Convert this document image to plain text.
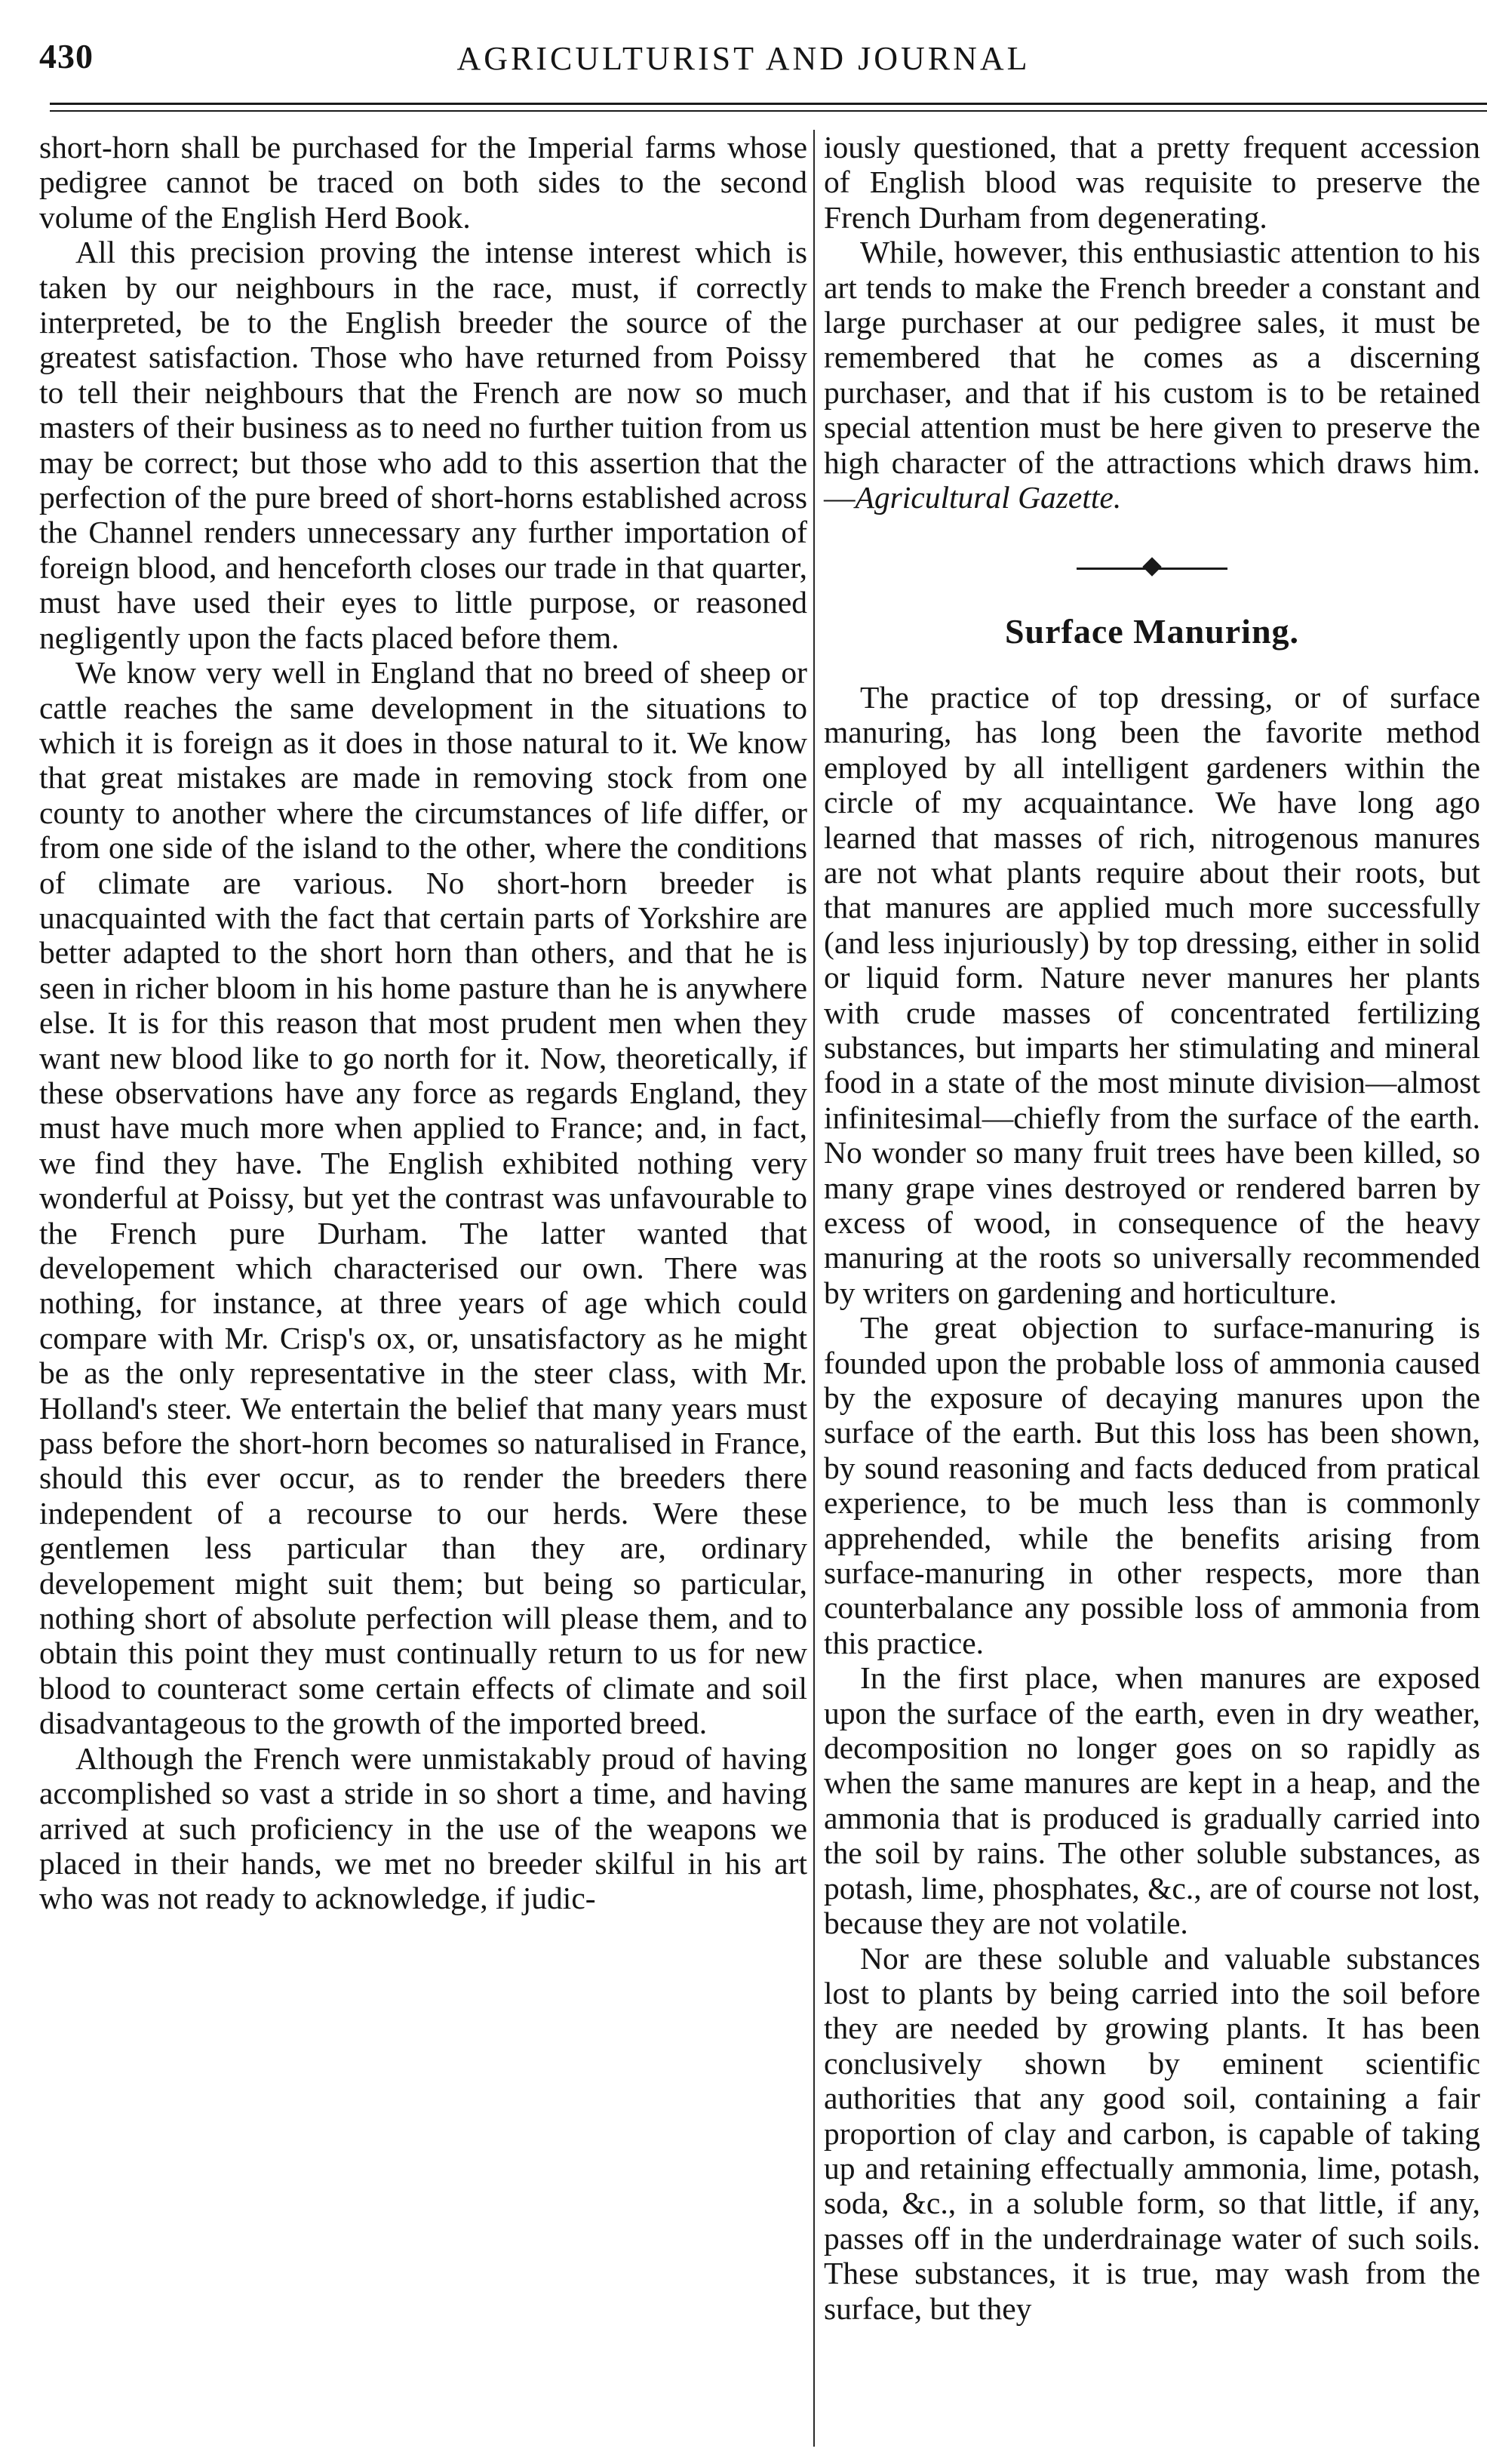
430	AGRICULTURIST AND JOURNAL

short-horn shall be purchased for the Imperial farms whose pedigree cannot be traced on both sides to the second volume of the English Herd Book.

All this precision proving the intense interest which is taken by our neighbours in the race, must, if correctly interpreted, be to the English breeder the source of the greatest satisfaction. Those who have returned from Poissy to tell their neighbours that the French are now so much masters of their business as to need no further tuition from us may be correct; but those who add to this assertion that the perfection of the pure breed of short-horns established across the Channel renders unnecessary any further importation of foreign blood, and henceforth closes our trade in that quarter, must have used their eyes to little purpose, or reasoned negligently upon the facts placed before them.

We know very well in England that no breed of sheep or cattle reaches the same development in the situations to which it is foreign as it does in those natural to it. We know that great mistakes are made in removing stock from one county to another where the circumstances of life differ, or from one side of the island to the other, where the conditions of climate are various. No short-horn breeder is unacquainted with the fact that certain parts of Yorkshire are better adapted to the short horn than others, and that he is seen in richer bloom in his home pasture than he is anywhere else. It is for this reason that most prudent men when they want new blood like to go north for it. Now, theoretically, if these observations have any force as regards England, they must have much more when applied to France; and, in fact, we find they have. The English exhibited nothing very wonderful at Poissy, but yet the contrast was unfavourable to the French pure Durham. The latter wanted that developement which characterised our own. There was nothing, for instance, at three years of age which could compare with Mr. Crisp's ox, or, unsatisfactory as he might be as the only representative in the steer class, with Mr. Holland's steer. We entertain the belief that many years must pass before the short-horn becomes so naturalised in France, should this ever occur, as to render the breeders there independent of a recourse to our herds. Were these gentlemen less particular than they are, ordinary developement might suit them; but being so particular, nothing short of absolute perfection will please them, and to obtain this point they must continually return to us for new blood to counteract some certain effects of climate and soil disadvantageous to the growth of the imported breed.

Although the French were unmistakably proud of having accomplished so vast a stride in so short a time, and having arrived at such proficiency in the use of the weapons we placed in their hands, we met no breeder skilful in his art who was not ready to acknowledge, if judic-

iously questioned, that a pretty frequent accession of English blood was requisite to preserve the French Durham from degenerating.

While, however, this enthusiastic attention to his art tends to make the French breeder a constant and large purchaser at our pedigree sales, it must be remembered that he comes as a discerning purchaser, and that if his custom is to be retained special attention must be here given to preserve the high character of the attractions which draws him.—Agricultural Gazette.

Surface Manuring.

The practice of top dressing, or of surface manuring, has long been the favorite method employed by all intelligent gardeners within the circle of my acquaintance. We have long ago learned that masses of rich, nitrogenous manures are not what plants require about their roots, but that manures are applied much more successfully (and less injuriously) by top dressing, either in solid or liquid form. Nature never manures her plants with crude masses of concentrated fertilizing substances, but imparts her stimulating and mineral food in a state of the most minute division—almost infinitesimal—chiefly from the surface of the earth. No wonder so many fruit trees have been killed, so many grape vines destroyed or rendered barren by excess of wood, in consequence of the heavy manuring at the roots so universally recommended by writers on gardening and horticulture.

The great objection to surface-manuring is founded upon the probable loss of ammonia caused by the exposure of decaying manures upon the surface of the earth. But this loss has been shown, by sound reasoning and facts deduced from pratical experience, to be much less than is commonly apprehended, while the benefits arising from surface-manuring in other respects, more than counterbalance any possible loss of ammonia from this practice.

In the first place, when manures are exposed upon the surface of the earth, even in dry weather, decomposition no longer goes on so rapidly as when the same manures are kept in a heap, and the ammonia that is produced is gradually carried into the soil by rains. The other soluble substances, as potash, lime, phosphates, &c., are of course not lost, because they are not volatile.

Nor are these soluble and valuable substances lost to plants by being carried into the soil before they are needed by growing plants. It has been conclusively shown by eminent scientific authorities that any good soil, containing a fair proportion of clay and carbon, is capable of taking up and retaining effectually ammonia, lime, potash, soda, &c., in a soluble form, so that little, if any, passes off in the underdrainage water of such soils. These substances, it is true, may wash from the surface, but they
